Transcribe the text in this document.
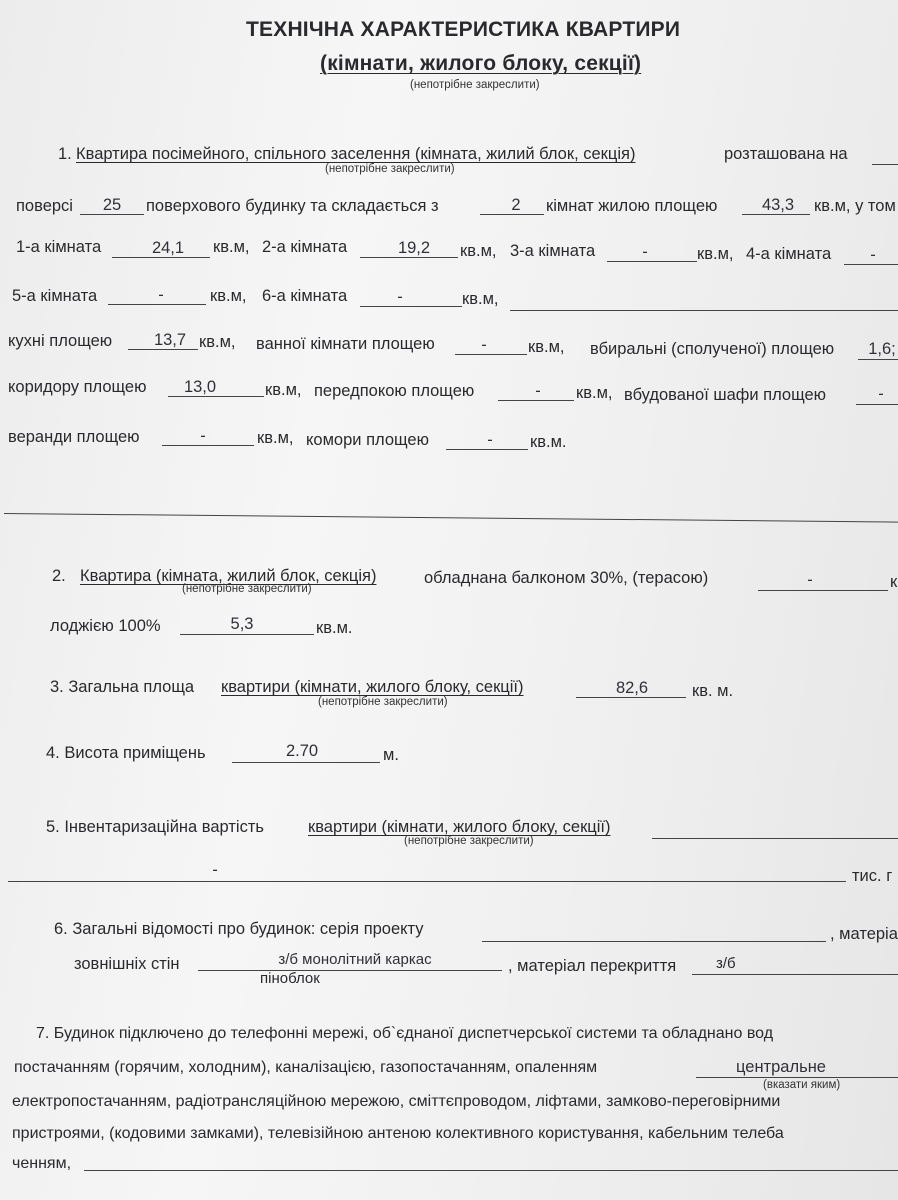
ТЕХНІЧНА ХАРАКТЕРИСТИКА КВАРТИРИ
(кімнати, жилого блоку, секції)
(непотрібне закреслити)
1. Квартира посімейного, спільного заселення (кімната, жилий блок, секція)	розташована на
(непотрібне закреслити)
поверсі	25	поверхового будинку та складається з	2	кімнат жилою площею	43,3	кв.м, у том
1-а кімната	24,1	кв.м, 2-а кімната	19,2	кв.м, 3-а кімната	-	кв.м, 4-а кімната	-
5-а кімната	-	кв.м, 6-а кімната	-	кв.м,
кухні площею	13,7 кв.м, ванної кімнати площею	-	кв.м, вбиральні (сполученої) площею	1,6;
коридору площею	13,0	кв.м, передпокою площею	-	кв.м, вбудованої шафи площею	-
веранди площею	-	кв.м, комори площею	-	кв.м.
2. Квартира (кімната, жилий блок, секція)	обладнана балконом 30%, (терасою)	-	к
(непотрібне закреслити)
лоджією 100%	5,3	кв.м.
3. Загальна площа квартири (кімнати, жилого блоку, секції)	82,6	кв. м.
(непотрібне закреслити)
4. Висота приміщень	2.70	м.
5. Інвентаризаційна вартість	квартири (кімнати, жилого блоку, секції)
(непотрібне закреслити)
-	тис. г
6. Загальні відомості про будинок: серія проекту	, матеріа
зовнішніх стін	з/б монолітний каркас
піноблок
, матеріал перекриття	з/б
7. Будинок підключено до телефонні мережі, об`єднаної диспетчерської системи та обладнано вод
постачанням (горячим, холодним), каналізацією, газопостачанням, опаленням	центральне
(вказати яким)
електропостачанням, радіотрансляційною мережою, сміттєпроводом, ліфтами, замково-переговірними
пристроями, (кодовими замками), телевізійною антеною колективного користування, кабельним телеба
ченням,
